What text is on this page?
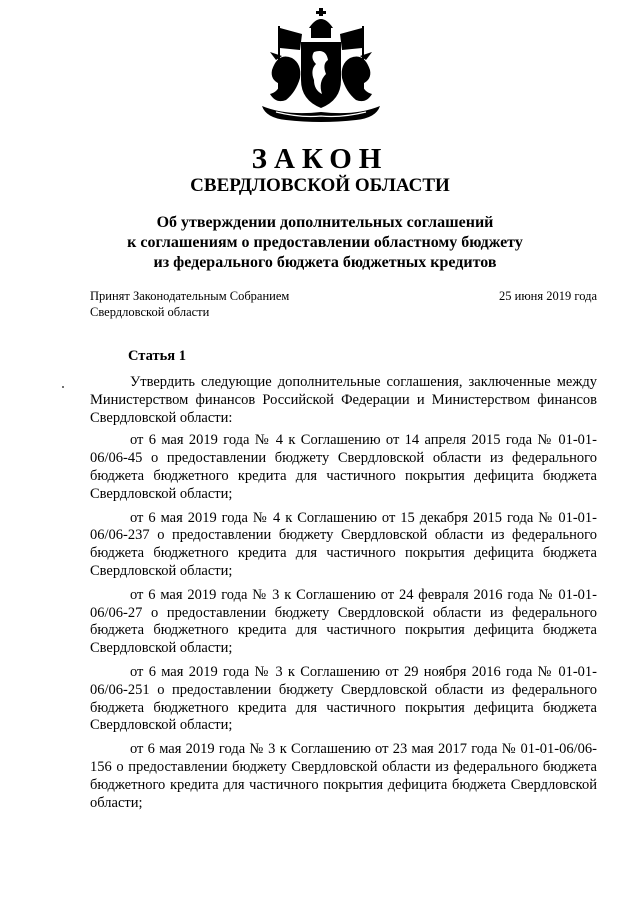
ЗАКОН
СВЕРДЛОВСКОЙ ОБЛАСТИ
Об утверждении дополнительных соглашений
к соглашениям о предоставлении областному бюджету
из федерального бюджета бюджетных кредитов
Принят Законодательным Собранием
Свердловской области
25 июня 2019 года
Статья 1

Утвердить следующие дополнительные соглашения, заключенные между Министерством финансов Российской Федерации и Министерством финансов Свердловской области:

от 6 мая 2019 года № 4 к Соглашению от 14 апреля 2015 года № 01-01-06/06-45 о предоставлении бюджету Свердловской области из федерального бюджета бюджетного кредита для частичного покрытия дефицита бюджета Свердловской области;

от 6 мая 2019 года № 4 к Соглашению от 15 декабря 2015 года № 01-01-06/06-237 о предоставлении бюджету Свердловской области из федерального бюджета бюджетного кредита для частичного покрытия дефицита бюджета Свердловской области;

от 6 мая 2019 года № 3 к Соглашению от 24 февраля 2016 года № 01-01-06/06-27 о предоставлении бюджету Свердловской области из федерального бюджета бюджетного кредита для частичного покрытия дефицита бюджета Свердловской области;

от 6 мая 2019 года № 3 к Соглашению от 29 ноября 2016 года № 01-01-06/06-251 о предоставлении бюджету Свердловской области из федерального бюджета бюджетного кредита для частичного покрытия дефицита бюджета Свердловской области;

от 6 мая 2019 года № 3 к Соглашению от 23 мая 2017 года № 01-01-06/06-156 о предоставлении бюджету Свердловской области из федерального бюджета бюджетного кредита для частичного покрытия дефицита бюджета Свердловской области;
